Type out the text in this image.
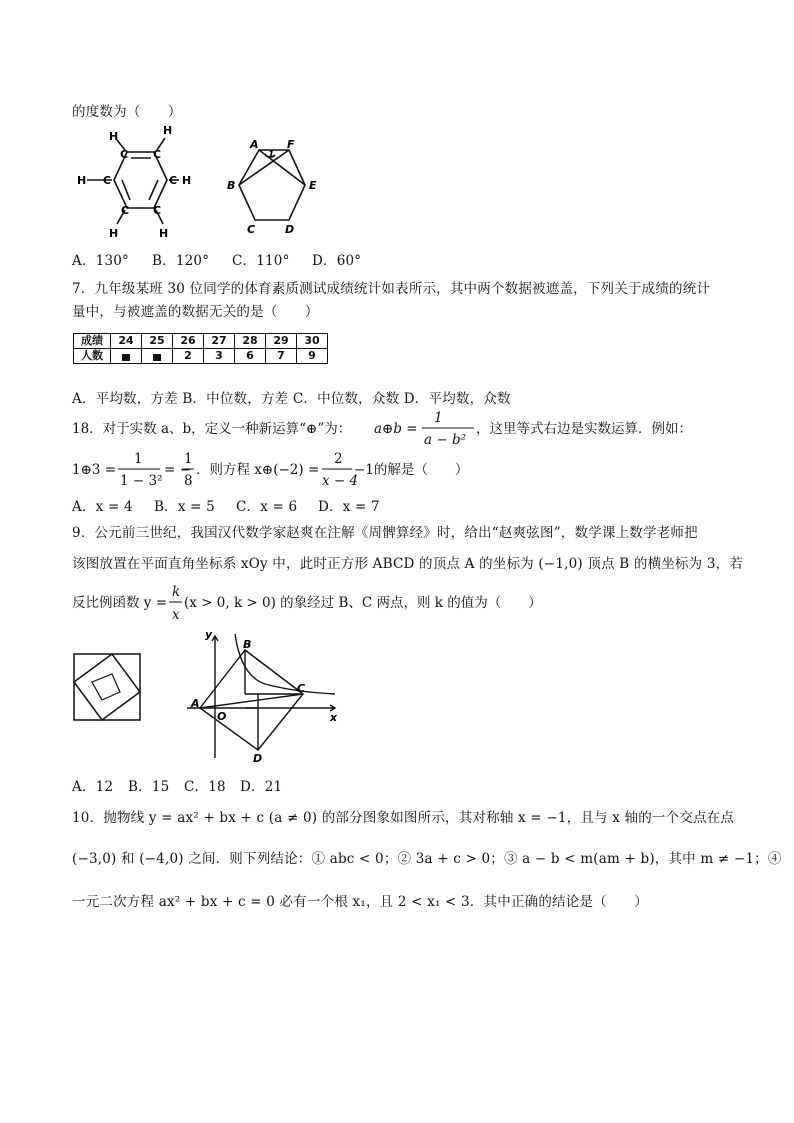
的度数为（　　）
H	H
C C
H C	C H
C C
H	H
A	F
1
B	E
C	D
A．130° B．120° C．110° D．60°
7．九年级某班 30 位同学的体育素质测试成绩统计如表所示，其中两个数据被遮盖，下列关于成绩的统计
量中，与被遮盖的数据无关的是（　　）
成绩	24	25	26	27	28	29	30
人数			2	3	6	7	9
A．平均数，方差 B．中位数，方差 C．中位数，众数 D．平均数，众数
18．对于实数 a、b，定义一种新运算“⊕”为： a⊕b =
1
a − b²
，这里等式右边是实数运算．例如：
1⊕3 =
1
1 − 3²
= −
1
8
．则方程 x⊕(−2) =
2
x − 4
−1的解是（　　）
A．x = 4 B．x = 5 C．x = 6 D．x = 7
9．公元前三世纪，我国汉代数学家赵爽在注解《周髀算经》时，给出“赵爽弦图”，数学课上数学老师把
该图放置在平面直角坐标系 xOy 中，此时正方形 ABCD 的顶点 A 的坐标为 (−1,0) 顶点 B 的横坐标为 3，若
反比例函数 y =
k
x
(x > 0, k > 0) 的象经过 B、C 两点，则 k 的值为（　　）
y
x
O
A
B
C
D
A．12 B．15 C．18 D．21
10．抛物线 y = ax² + bx + c (a ≠ 0) 的部分图象如图所示，其对称轴 x = −1，且与 x 轴的一个交点在点
(−3,0) 和 (−4,0) 之间．则下列结论：① abc < 0；② 3a + c > 0；③ a − b < m(am + b)，其中 m ≠ −1；④
一元二次方程 ax² + bx + c = 0 必有一个根 x₁，且 2 < x₁ < 3．其中正确的结论是（　　）
